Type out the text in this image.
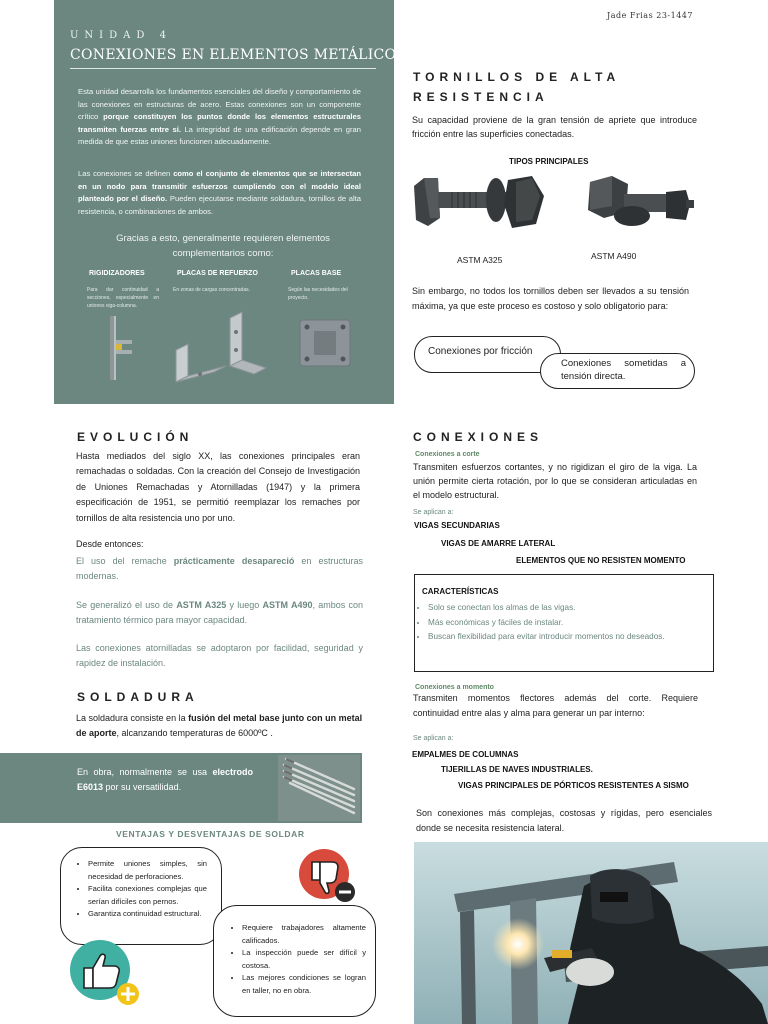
Jade Frias 23-1447
UNIDAD 4
CONEXIONES EN ELEMENTOS METÁLICOS

Esta unidad desarrolla los fundamentos esenciales del diseño y comportamiento de las conexiones en estructuras de acero. Estas conexiones son un componente crítico porque constituyen los puntos donde los elementos estructurales transmiten fuerzas entre sí. La integridad de una edificación depende en gran medida de que estas uniones funcionen adecuadamente.

Las conexiones se definen como el conjunto de elementos que se intersectan en un nodo para transmitir esfuerzos cumpliendo con el modelo ideal planteado por el diseño. Pueden ejecutarse mediante soldadura, tornillos de alta resistencia, o combinaciones de ambos.

Gracias a esto, generalmente requieren elementos complementarios como:

RIGIDIZADORES
Para dar continuidad a secciones, especialmente en uniones viga-columna.
PLACAS DE REFUERZO
En zonas de cargas concentradas.
PLACAS BASE
Según las necesidades del proyecto.
TORNILLOS DE ALTA
RESISTENCIA

Su capacidad proviene de la gran tensión de apriete que introduce fricción entre las superficies conectadas.

TIPOS PRINCIPALES
ASTM A325	ASTM A490

Sin embargo, no todos los tornillos deben ser llevados a su tensión máxima, ya que este proceso es costoso y solo obligatorio para:

Conexiones por fricción
Conexiones sometidas a tensión directa.
EVOLUCIÓN

Hasta mediados del siglo XX, las conexiones principales eran remachadas o soldadas. Con la creación del Consejo de Investigación de Uniones Remachadas y Atornilladas (1947) y la primera especificación de 1951, se permitió reemplazar los remaches por tornillos de alta resistencia uno por uno.

Desde entonces:

El uso del remache prácticamente desapareció en estructuras modernas.

Se generalizó el uso de ASTM A325 y luego ASTM A490, ambos con tratamiento térmico para mayor capacidad.

Las conexiones atornilladas se adoptaron por facilidad, seguridad y rapidez de instalación.

SOLDADURA

La soldadura consiste en la fusión del metal base junto con un metal de aporte, alcanzando temperaturas de 6000ºC .

En obra, normalmente se usa electrodo E6013 por su versatilidad.

VENTAJAS Y DESVENTAJAS DE SOLDAR
• Permite uniones simples, sin necesidad de perforaciones.
• Facilita conexiones complejas que serían difíciles con pernos.
• Garantiza continuidad estructural.
• Requiere trabajadores altamente calificados.
• La inspección puede ser difícil y costosa.
• Las mejores condiciones se logran en taller, no en obra.
CONEXIONES
Conexiones a corte

Transmiten esfuerzos cortantes, y no rigidizan el giro de la viga. La unión permite cierta rotación, por lo que se consideran articuladas en el modelo estructural.

Se aplican a:
VIGAS SECUNDARIAS
VIGAS DE AMARRE LATERAL
ELEMENTOS QUE NO RESISTEN MOMENTO
CARACTERÍSTICAS
• Solo se conectan los almas de las vigas.
• Más económicas y fáciles de instalar.
• Buscan flexibilidad para evitar introducir momentos no deseados.
Conexiones a momento

Transmiten momentos flectores además del corte. Requiere continuidad entre alas y alma para generar un par interno:

Se aplican a:
EMPALMES DE COLUMNAS
TIJERILLAS DE NAVES INDUSTRIALES.
VIGAS PRINCIPALES DE PÓRTICOS RESISTENTES A SISMO

Son conexiones más complejas, costosas y rígidas, pero esenciales donde se necesita resistencia lateral.
